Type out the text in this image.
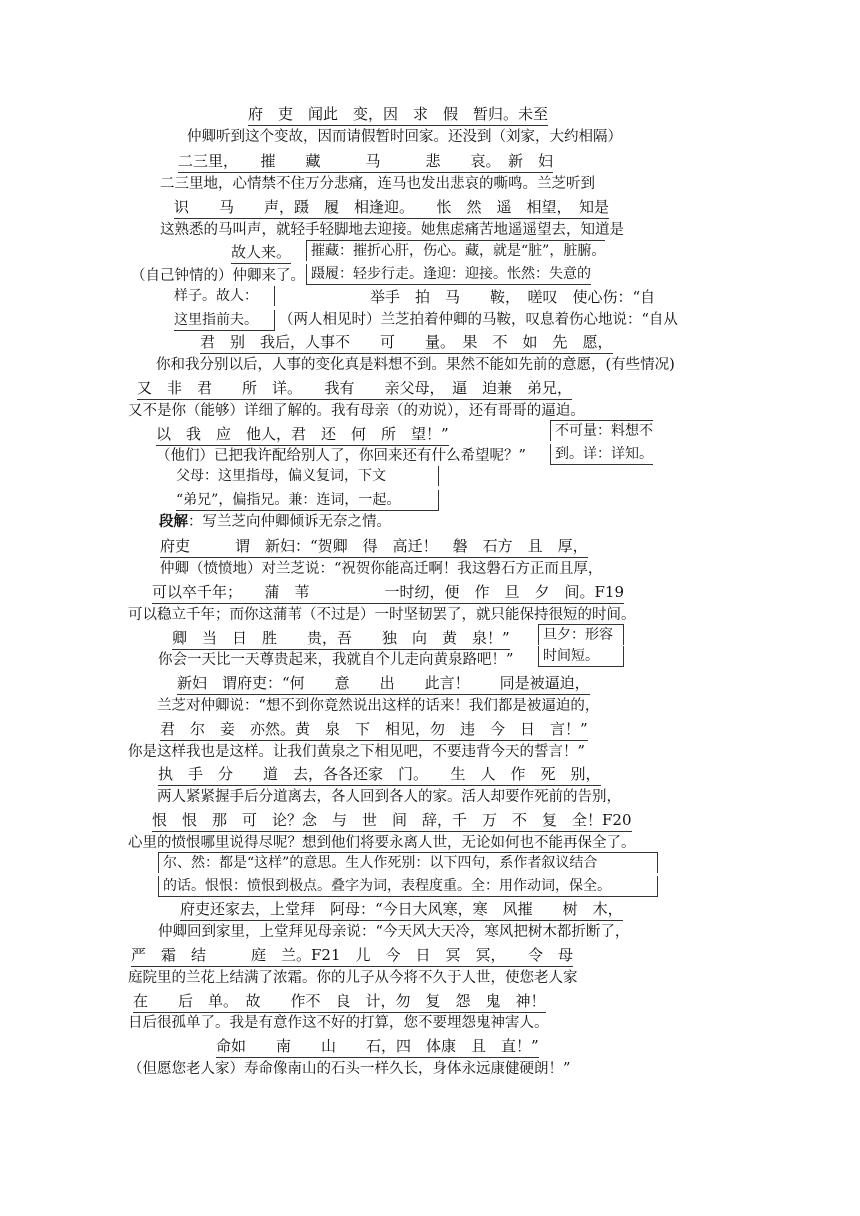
府　吏　闻此　变，因　求　假　暂归。未至
仲卿听到这个变故，因而请假暂时回家。还没到（刘家，大约相隔）
二三里，　　摧　　藏　　　马　　　悲　　哀。　新　妇
二三里地，心情禁不住万分悲痛，连马也发出悲哀的嘶鸣。兰芝听到
识　　马　　声，蹑　履　相逢迎。　　怅　然　遥　相望，　知是
这熟悉的马叫声，就轻手轻脚地去迎接。她焦虑痛苦地遥遥望去，知道是
故人来。
（自己钟情的）仲卿来了。
摧藏：摧折心肝，伤心。藏，就是“脏”，脏腑。
蹑履：轻步行走。逢迎：迎接。怅然：失意的
样子。故人：
这里指前夫。
举手　拍　马　　鞍，　嗟叹　使心伤：“自
（两人相见时）兰芝拍着仲卿的马鞍，叹息着伤心地说：“自从
君　别　我后，人事不　　可　　量。　果　不　如　先　愿，
你和我分别以后，人事的变化真是料想不到。果然不能如先前的意愿，(有些情况)
又　非　君　　所　详。　　我有　　亲父母，　逼　迫兼　弟兄，
又不是你（能够）详细了解的。我有母亲（的劝说），还有哥哥的逼迫。
以　我　应　他人，君　还　何　所　望！”
（他们）已把我许配给别人了，你回来还有什么希望呢？”
不可量：料想不
到。详：详知。
父母：这里指母，偏义复词，下文
“弟兄”，偏指兄。兼：连词，一起。
段解：写兰芝向仲卿倾诉无奈之情。
府吏　　　谓　新妇：“贺卿　得　高迁！　磐　石方　且　厚，
仲卿（愤愤地）对兰芝说：“祝贺你能高迁啊！我这磐石方正而且厚，
可以卒千年；　　蒲　苇　　　　　一时纫，便　作　旦　夕　间。F19
可以稳立千年；而你这蒲苇（不过是）一时坚韧罢了，就只能保持很短的时间。
卿　当　日　胜　　贵，吾　　独　向　黄　泉！”
你会一天比一天尊贵起来，我就自个儿走向黄泉路吧！”
旦夕：形容
时间短。
新妇　谓府吏：“何　　意　　出　　此言！　　同是被逼迫，
兰芝对仲卿说：“想不到你竟然说出这样的话来！我们都是被逼迫的，
君　尔　妾　亦然。黄　泉　下　相见，勿　违　今　日　言！”
你是这样我也是这样。让我们黄泉之下相见吧，不要违背今天的誓言！”
执　手　分　　道　去，各各还家　门。　　生　人　作　死　别，
两人紧紧握手后分道离去，各人回到各人的家。活人却要作死前的告别，
恨　恨　那　可　论？念　与　世　间　辞，千　万　不　复　全！F20
心里的愤恨哪里说得尽呢？想到他们将要永离人世，无论如何也不能再保全了。
尔、然：都是“这样”的意思。生人作死别：以下四句，系作者叙议结合
的话。恨恨：愤恨到极点。叠字为词，表程度重。全：用作动词，保全。
府吏还家去，上堂拜　阿母：“今日大风寒，寒　风摧　　树　木，
仲卿回到家里，上堂拜见母亲说：“今天风大天冷，寒风把树木都折断了，
严　霜　结　　　庭　兰。F21　儿　今　日　冥　冥，　　令　母
庭院里的兰花上结满了浓霜。你的儿子从今将不久于人世，使您老人家
在　　后　单。　故　　作不　良　计，勿　复　怨　鬼　神！
日后很孤单了。我是有意作这不好的打算，您不要埋怨鬼神害人。
命如　　南　　山　　石，四　体康　且　直！”
（但愿您老人家）寿命像南山的石头一样久长，身体永远康健硬朗！”
